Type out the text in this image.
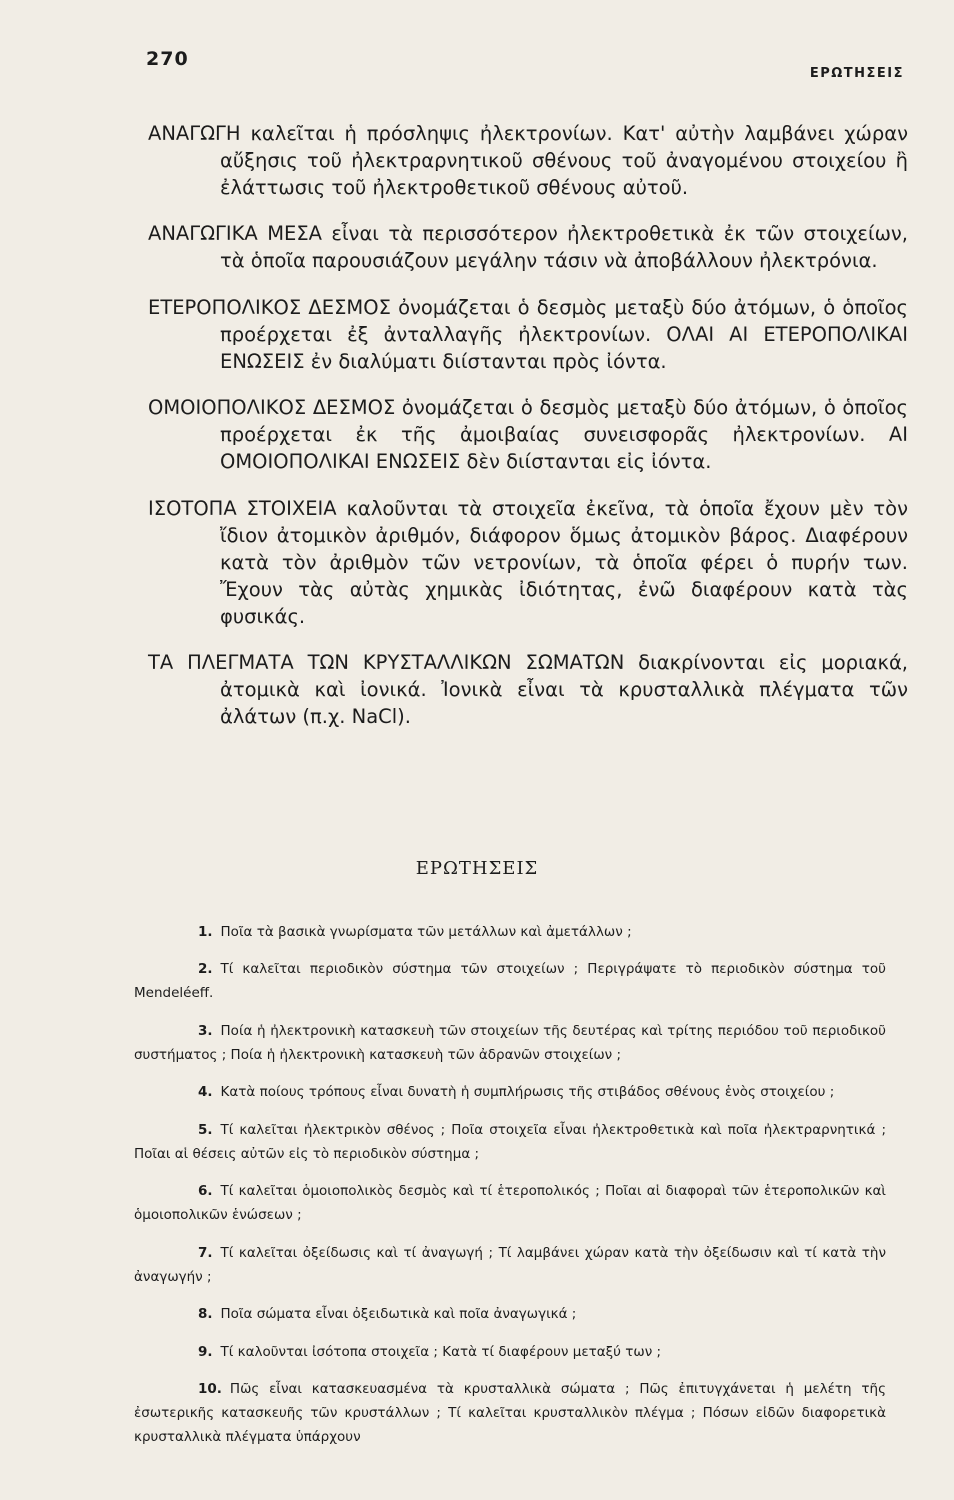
270
ΕΡΩΤΗΣΕΙΣ

ΑΝΑΓΩΓΗ καλεῖται ἡ πρόσληψις ἠλεκτρονίων. Κατ' αὐτὴν λαμβάνει χώραν αὔξησις τοῦ ἠλεκτραρνητικοῦ σθένους τοῦ ἀναγομένου στοιχείου ἢ ἐλάττωσις τοῦ ἠλεκτροθετικοῦ σθένους αὐτοῦ.

ΑΝΑΓΩΓΙΚΑ ΜΕΣΑ εἶναι τὰ περισσότερον ἠλεκτροθετικὰ ἐκ τῶν στοιχείων, τὰ ὁποῖα παρουσιάζουν μεγάλην τάσιν νὰ ἀποβάλλουν ἠλεκτρόνια.

ΕΤΕΡΟΠΟΛΙΚΟΣ ΔΕΣΜΟΣ ὀνομάζεται ὁ δεσμὸς μεταξὺ δύο ἀτόμων, ὁ ὁποῖος προέρχεται ἐξ ἀνταλλαγῆς ἠλεκτρονίων. ΟΛΑΙ ΑΙ ΕΤΕΡΟΠΟΛΙΚΑΙ ΕΝΩΣΕΙΣ ἐν διαλύματι διίστανται πρὸς ἰόντα.

ΟΜΟΙΟΠΟΛΙΚΟΣ ΔΕΣΜΟΣ ὀνομάζεται ὁ δεσμὸς μεταξὺ δύο ἀτόμων, ὁ ὁποῖος προέρχεται ἐκ τῆς ἀμοιβαίας συνεισφορᾶς ἠλεκτρονίων. ΑΙ ΟΜΟΙΟΠΟΛΙΚΑΙ ΕΝΩΣΕΙΣ δὲν διίστανται εἰς ἰόντα.

ΙΣΟΤΟΠΑ ΣΤΟΙΧΕΙΑ καλοῦνται τὰ στοιχεῖα ἐκεῖνα, τὰ ὁποῖα ἔχουν μὲν τὸν ἴδιον ἀτομικὸν ἀριθμόν, διάφορον ὅμως ἀτομικὸν βάρος. Διαφέρουν κατὰ τὸν ἀριθμὸν τῶν νετρονίων, τὰ ὁποῖα φέρει ὁ πυρήν των. Ἔχουν τὰς αὐτὰς χημικὰς ἰδιότητας, ἐνῶ διαφέρουν κατὰ τὰς φυσικάς.

ΤΑ ΠΛΕΓΜΑΤΑ ΤΩΝ ΚΡΥΣΤΑΛΛΙΚΩΝ ΣΩΜΑΤΩΝ διακρίνονται εἰς μοριακά, ἀτομικὰ καὶ ἰονικά. Ἰονικὰ εἶναι τὰ κρυσταλλικὰ πλέγματα τῶν ἀλάτων (π.χ. NaCl).

ΕΡΩΤΗΣΕΙΣ

1. Ποῖα τὰ βασικὰ γνωρίσματα τῶν μετάλλων καὶ ἀμετάλλων ;

2. Τί καλεῖται περιοδικὸν σύστημα τῶν στοιχείων ; Περιγράψατε τὸ περιοδικὸν σύστημα τοῦ Mendeléeff.

3. Ποία ἡ ἠλεκτρονικὴ κατασκευὴ τῶν στοιχείων τῆς δευτέρας καὶ τρίτης περιόδου τοῦ περιοδικοῦ συστήματος ; Ποία ἡ ἠλεκτρονικὴ κατασκευὴ τῶν ἀδρανῶν στοιχείων ;

4. Κατὰ ποίους τρόπους εἶναι δυνατὴ ἡ συμπλήρωσις τῆς στιβάδος σθένους ἑνὸς στοιχείου ;

5. Τί καλεῖται ἠλεκτρικὸν σθένος ; Ποῖα στοιχεῖα εἶναι ἠλεκτροθετικὰ καὶ ποῖα ἠλεκτραρνητικά ; Ποῖαι αἱ θέσεις αὐτῶν εἰς τὸ περιοδικὸν σύστημα ;

6. Τί καλεῖται ὁμοιοπολικὸς δεσμὸς καὶ τί ἑτεροπολικός ; Ποῖαι αἱ διαφοραὶ τῶν ἑτεροπολικῶν καὶ ὁμοιοπολικῶν ἑνώσεων ;

7. Τί καλεῖται ὀξείδωσις καὶ τί ἀναγωγή ; Τί λαμβάνει χώραν κατὰ τὴν ὀξείδωσιν καὶ τί κατὰ τὴν ἀναγωγήν ;

8. Ποῖα σώματα εἶναι ὀξειδωτικὰ καὶ ποῖα ἀναγωγικά ;

9. Τί καλοῦνται ἰσότοπα στοιχεῖα ; Κατὰ τί διαφέρουν μεταξύ των ;

10. Πῶς εἶναι κατασκευασμένα τὰ κρυσταλλικὰ σώματα ; Πῶς ἐπιτυγχάνεται ἡ μελέτη τῆς ἐσωτερικῆς κατασκευῆς τῶν κρυστάλλων ; Τί καλεῖται κρυσταλλικὸν πλέγμα ; Πόσων εἰδῶν διαφορετικὰ κρυσταλλικὰ πλέγματα ὑπάρχουν
